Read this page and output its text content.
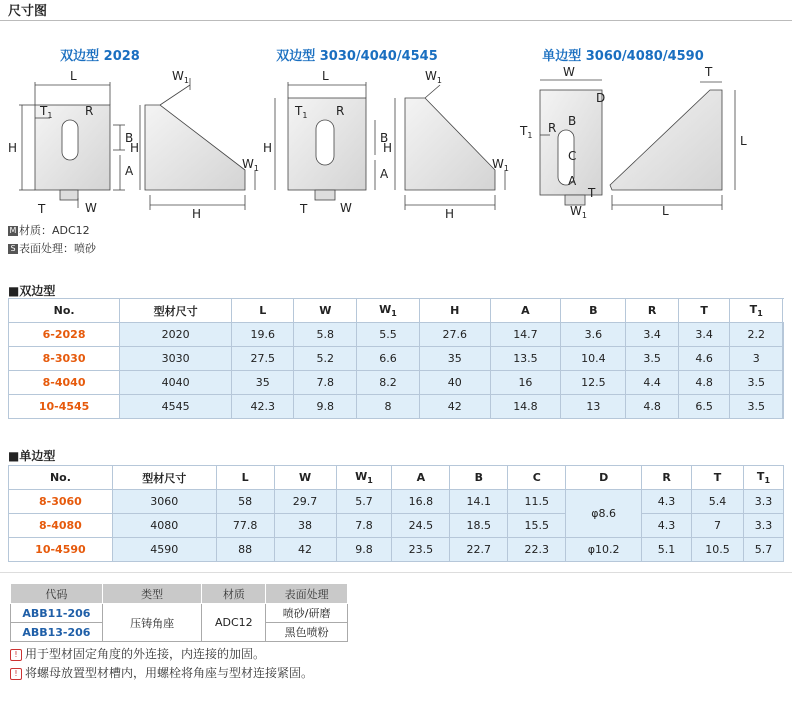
尺寸图
双边型 2028	双边型 3030/4040/4545	单边型 3060/4080/4590
L
H
B
A
R
$T_1$
T	W
$W_1$
H
H
$W_1$
L
H
B
A
R
$T_1$
T	W
$W_1$
H
H
$W_1$
W	T
D
$T_1$
R B
C
A
L
L
T
$W_1$
M 材质：ADC12
S 表面处理：喷砂
■双边型
No.	型材尺寸	L	W	$W_1$	H	A	B	R	T	$T_1$	
6-2028	2020	19.6	5.8	5.5	27.6	14.7	3.6	3.4	3.4	2.2	
8-3030	3030	27.5	5.2	6.6	35	13.5	10.4	3.5	4.6	3	
8-4040	4040	35	7.8	8.2	40	16	12.5	4.4	4.8	3.5	
10-4545	4545	42.3	9.8	8	42	14.8	13	4.8	6.5	3.5	
■单边型
No.	型材尺寸	L	W	$W_1$	A	B	C	D	R	T	$T_1$
8-3060	3060	58	29.7	5.7	16.8	14.1	11.5	φ8.6	4.3	5.4	3.3
8-4080	4080	77.8	38	7.8	24.5	18.5	15.5		4.3	7	3.3
10-4590	4590	88	42	9.8	23.5	22.7	22.3	φ10.2	5.1	10.5	5.7
代码	类型	材质	表面处理
ABB11-206	压铸角座	ADC12	喷砂/研磨
ABB13-206			黑色喷粉
! 用于型材固定角度的外连接，内连接的加固。
! 将螺母放置型材槽内，用螺栓将角座与型材连接紧固。
